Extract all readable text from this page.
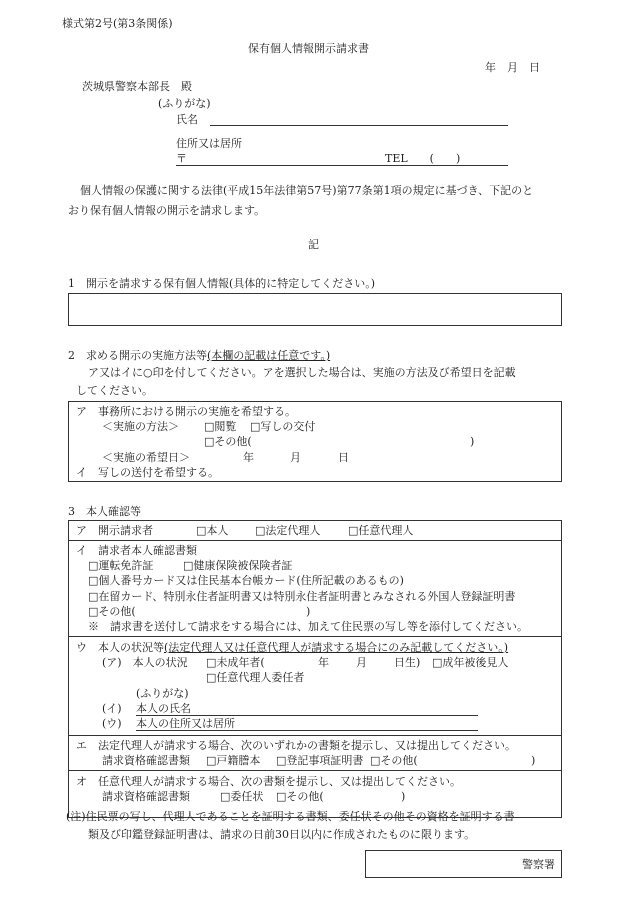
様式第2号(第3条関係)
保有個人情報開示請求書
年　月　日
茨城県警察本部長　殿
(ふりがな)
氏名
住所又は居所
〒	TEL　　(　　)
個人情報の保護に関する法律(平成15年法律第57号)第77条第1項の規定に基づき、下記のと
おり保有個人情報の開示を請求します。
記
1　開示を請求する保有個人情報(具体的に特定してください。)
2　求める開示の実施方法等(本欄の記載は任意です。)
ア又はイに○印を付してください。アを選択した場合は、実施の方法及び希望日を記載
してください。
ア　事務所における開示の実施を希望する。
＜実施の方法＞ □閲覧 □写しの交付
□その他(	)
＜実施の希望日＞	年	月	日
イ　写しの送付を希望する。
3　本人確認等
ア　開示請求者	□本人 □法定代理人	□任意代理人
イ　請求者本人確認書類
□運転免許証	□健康保険被保険者証
□個人番号カード又は住民基本台帳カード(住所記載のあるもの)
□在留カード、特別永住者証明書又は特別永住者証明書とみなされる外国人登録証明書
□その他(	)
※　請求書を送付して請求をする場合には、加えて住民票の写し等を添付してください。
ウ　本人の状況等(法定代理人又は任意代理人が請求する場合にのみ記載してください。)
(ア)　本人の状況 □未成年者(	年 月 日生) □成年被後見人
□任意代理人委任者
(ふりがな)
(イ) 本人の氏名
(ウ) 本人の住所又は居所
エ　法定代理人が請求する場合、次のいずれかの書類を提示し、又は提出してください。
請求資格確認書類 □戸籍謄本 □登記事項証明書 □その他(	)
オ　任意代理人が請求する場合、次の書類を提示し、又は提出してください。
請求資格確認書類	□委任状 □その他(	)
(注)住民票の写し、代理人であることを証明する書類、委任状その他その資格を証明する書
類及び印鑑登録証明書は、請求の日前30日以内に作成されたものに限ります。
警察署
